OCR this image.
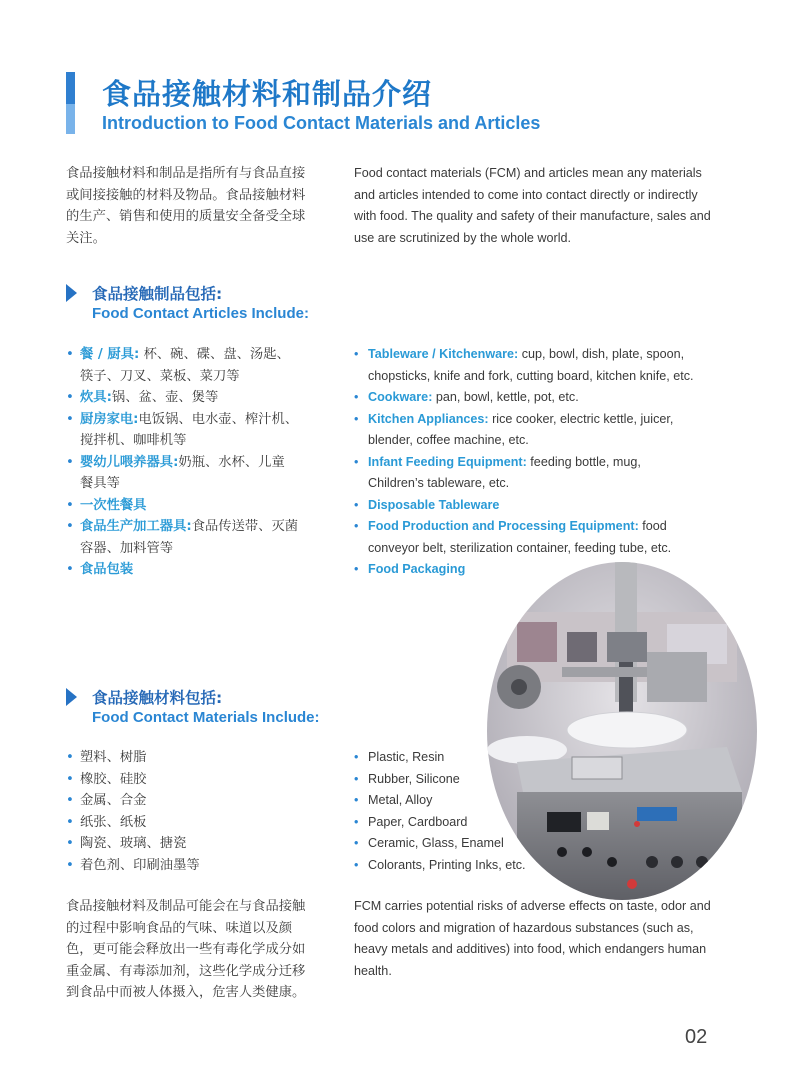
食品接触材料和制品介绍
Introduction to Food Contact Materials and Articles
食品接触材料和制品是指所有与食品直接
或间接接触的材料及物品。食品接触材料
的生产、销售和使用的质量安全备受全球
关注。
Food contact materials (FCM) and articles mean any materials
and articles intended to come into contact directly or indirectly
with food. The quality and safety of their manufacture, sales and
use are scrutinized by the whole world.
食品接触制品包括:
Food Contact Articles Include:
• 餐 / 厨具: 杯、碗、碟、盘、汤匙、
筷子、刀叉、菜板、菜刀等
• 炊具:锅、盆、壶、煲等
• 厨房家电:电饭锅、电水壶、榨汁机、
搅拌机、咖啡机等
• 婴幼儿喂养器具:奶瓶、水杯、儿童
餐具等
• 一次性餐具
• 食品生产加工器具:食品传送带、灭菌
容器、加料管等
• 食品包装
• Tableware / Kitchenware: cup, bowl, dish, plate, spoon,
chopsticks, knife and fork, cutting board, kitchen knife, etc.
• Cookware: pan, bowl, kettle, pot, etc.
• Kitchen Appliances: rice cooker, electric kettle, juicer,
blender, coffee machine, etc.
• Infant Feeding Equipment: feeding bottle, mug,
Children’s tableware, etc.
• Disposable Tableware
• Food Production and Processing Equipment: food
conveyor belt, sterilization container, feeding tube, etc.
• Food Packaging
食品接触材料包括:
Food Contact Materials Include:
• 塑料、树脂
• 橡胶、硅胶
• 金属、合金
• 纸张、纸板
• 陶瓷、玻璃、搪瓷
• 着色剂、印刷油墨等
• Plastic, Resin
• Rubber, Silicone
• Metal, Alloy
• Paper, Cardboard
• Ceramic, Glass, Enamel
• Colorants, Printing Inks, etc.
食品接触材料及制品可能会在与食品接触
的过程中影响食品的气味、味道以及颜
色，更可能会释放出一些有毒化学成分如
重金属、有毒添加剂，这些化学成分迁移
到食品中而被人体摄入，危害人类健康。
FCM carries potential risks of adverse effects on taste, odor and
food colors and migration of hazardous substances (such as,
heavy metals and additives) into food, which endangers human
health.
02
